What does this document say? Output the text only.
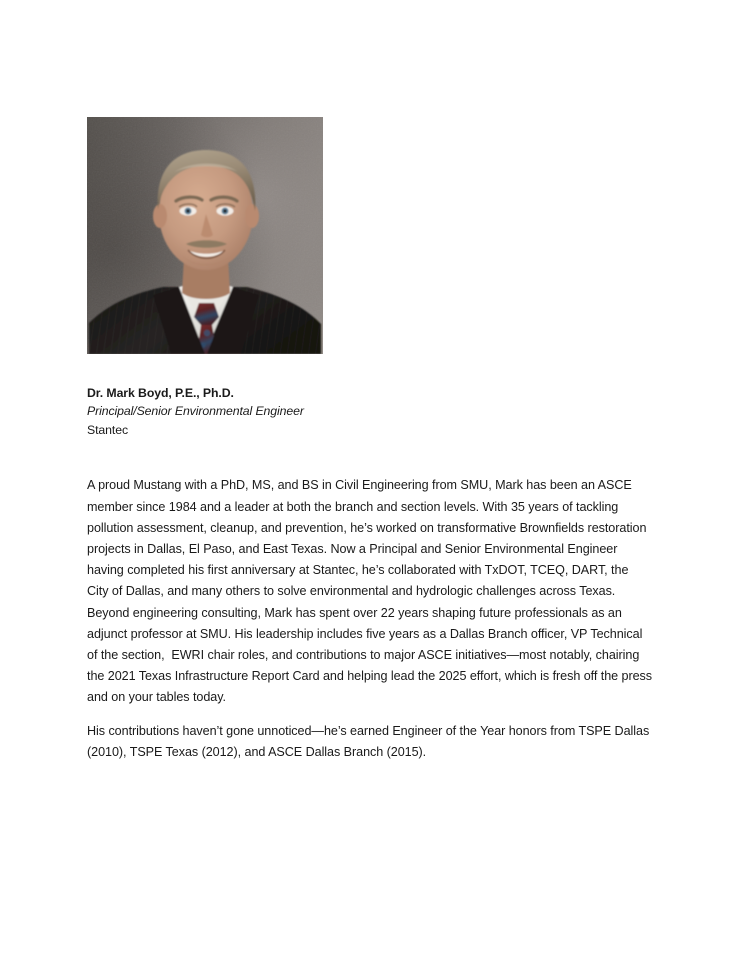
Dr. Mark Boyd, P.E., Ph.D.
Principal/Senior Environmental Engineer
Stantec

A proud Mustang with a PhD, MS, and BS in Civil Engineering from SMU, Mark has been an ASCE member since 1984 and a leader at both the branch and section levels. With 35 years of tackling pollution assessment, cleanup, and prevention, he’s worked on transformative Brownfields restoration projects in Dallas, El Paso, and East Texas. Now a Principal and Senior Environmental Engineer having completed his first anniversary at Stantec, he’s collaborated with TxDOT, TCEQ, DART, the City of Dallas, and many others to solve environmental and hydrologic challenges across Texas. Beyond engineering consulting, Mark has spent over 22 years shaping future professionals as an adjunct professor at SMU. His leadership includes five years as a Dallas Branch officer, VP Technical of the section,  EWRI chair roles, and contributions to major ASCE initiatives—most notably, chairing the 2021 Texas Infrastructure Report Card and helping lead the 2025 effort, which is fresh off the press and on your tables today.

His contributions haven’t gone unnoticed—he’s earned Engineer of the Year honors from TSPE Dallas (2010), TSPE Texas (2012), and ASCE Dallas Branch (2015).
